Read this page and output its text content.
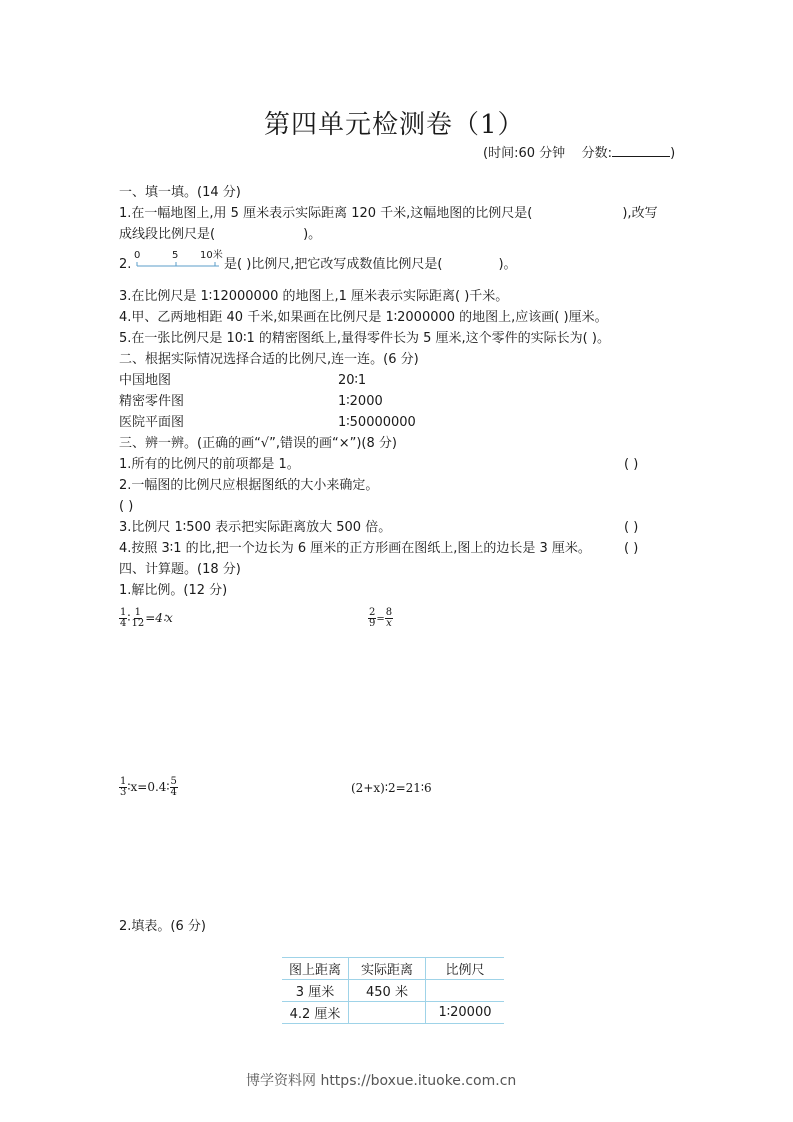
第四单元检测卷（1）
(时间:60 分钟 分数:	)
一、填一填。(14 分)
1.在一幅地图上,用 5 厘米表示实际距离 120 千米,这幅地图的比例尺是(	),改写
成线段比例尺是(	)。
2.
0	5 10米
是( )比例尺,把它改写成数值比例尺是(	)。
3.在比例尺是 1∶12000000 的地图上,1 厘米表示实际距离( )千米。
4.甲、乙两地相距 40 千米,如果画在比例尺是 1∶2000000 的地图上,应该画( )厘米。
5.在一张比例尺是 10∶1 的精密图纸上,量得零件长为 5 厘米,这个零件的实际长为( )。
二、根据实际情况选择合适的比例尺,连一连。(6 分)
中国地图
精密零件图
医院平面图
20∶1
1∶2000
1∶50000000
三、辨一辨。(正确的画“√”,错误的画“×”)(8 分)
1.所有的比例尺的前项都是 1。	( )
2.一幅图的比例尺应根据图纸的大小来确定。
( )
3.比例尺 1∶500 表示把实际距离放大 500 倍。	( )
4.按照 3∶1 的比,把一个边长为 6 厘米的正方形画在图纸上,图上的边长是 3 厘米。	( )
四、计算题。(18 分)
1.解比例。(12 分)
$\frac{1}{4}$ ∶ $\frac{1}{12}$ =4∶x	$\frac{2}{9} = \frac{8}{x}$
$\frac{1}{3}$ ∶x=0.4∶ $\frac{5}{4}$	(2+x)∶2=21∶6
2.填表。(6 分)
图上距离	实际距离	比例尺
3 厘米	450 米	
4.2 厘米		1∶20000
博学资料网 https://boxue.ituoke.com.cn
